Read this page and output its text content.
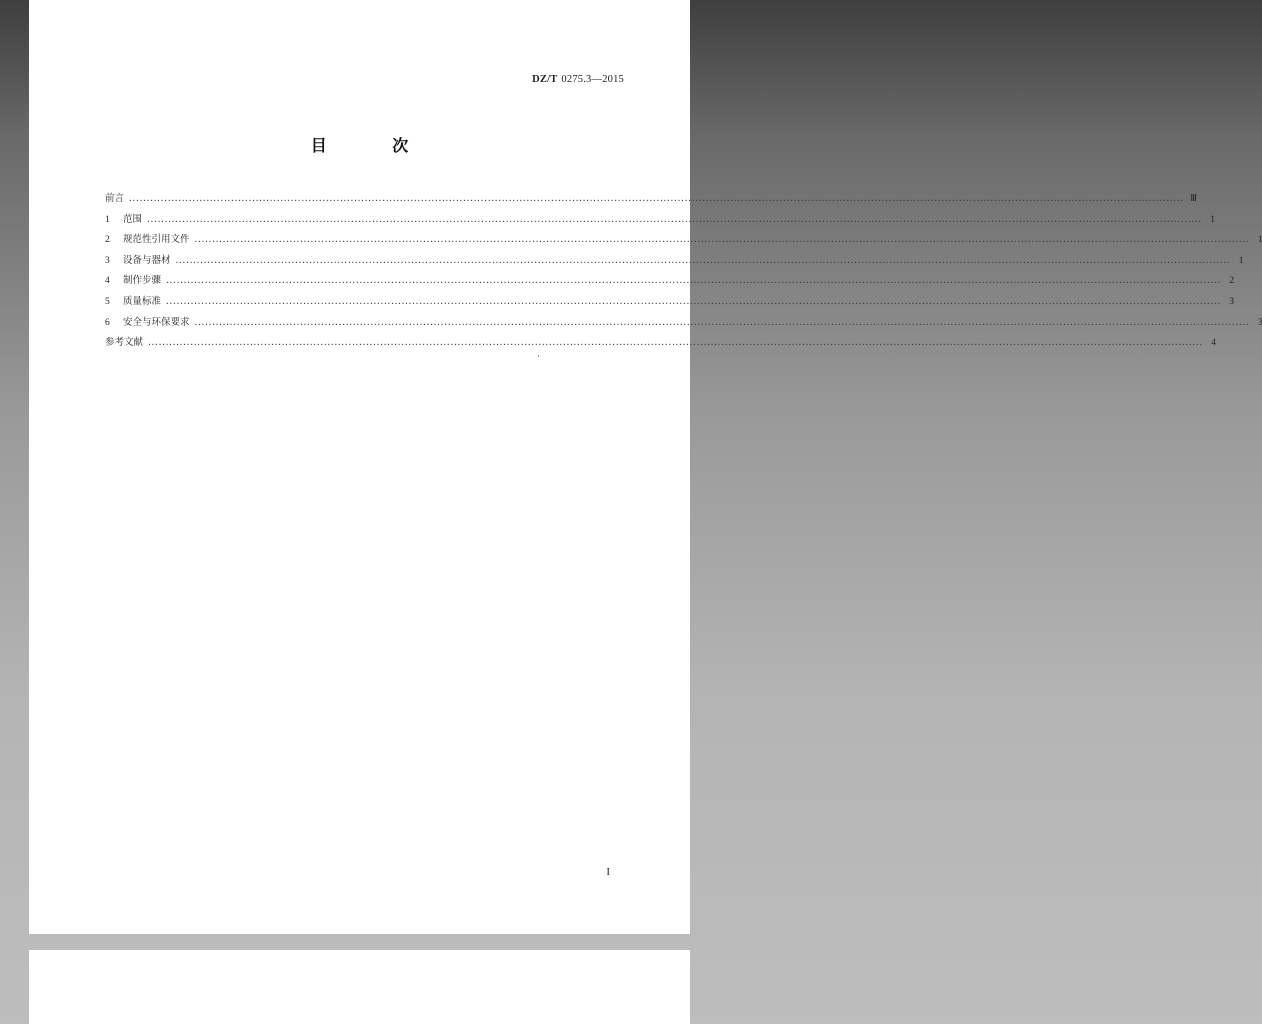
DZ/T 0275.3—2015
目 次
前言 ............................................................................................................................................................................................................................................................................................................ Ⅲ
1	范围 ............................................................................................................................................................................................................................................................................................................ 1
2	规范性引用文件 ............................................................................................................................................................................................................................................................................................................ 1
3	设备与器材 ............................................................................................................................................................................................................................................................................................................ 1
4	制作步骤 ............................................................................................................................................................................................................................................................................................................ 2
5	质量标准 ............................................................................................................................................................................................................................................................................................................ 3
6	安全与环保要求 ............................................................................................................................................................................................................................................................................................................ 3
参考文献 ............................................................................................................................................................................................................................................................................................................ 4
I
